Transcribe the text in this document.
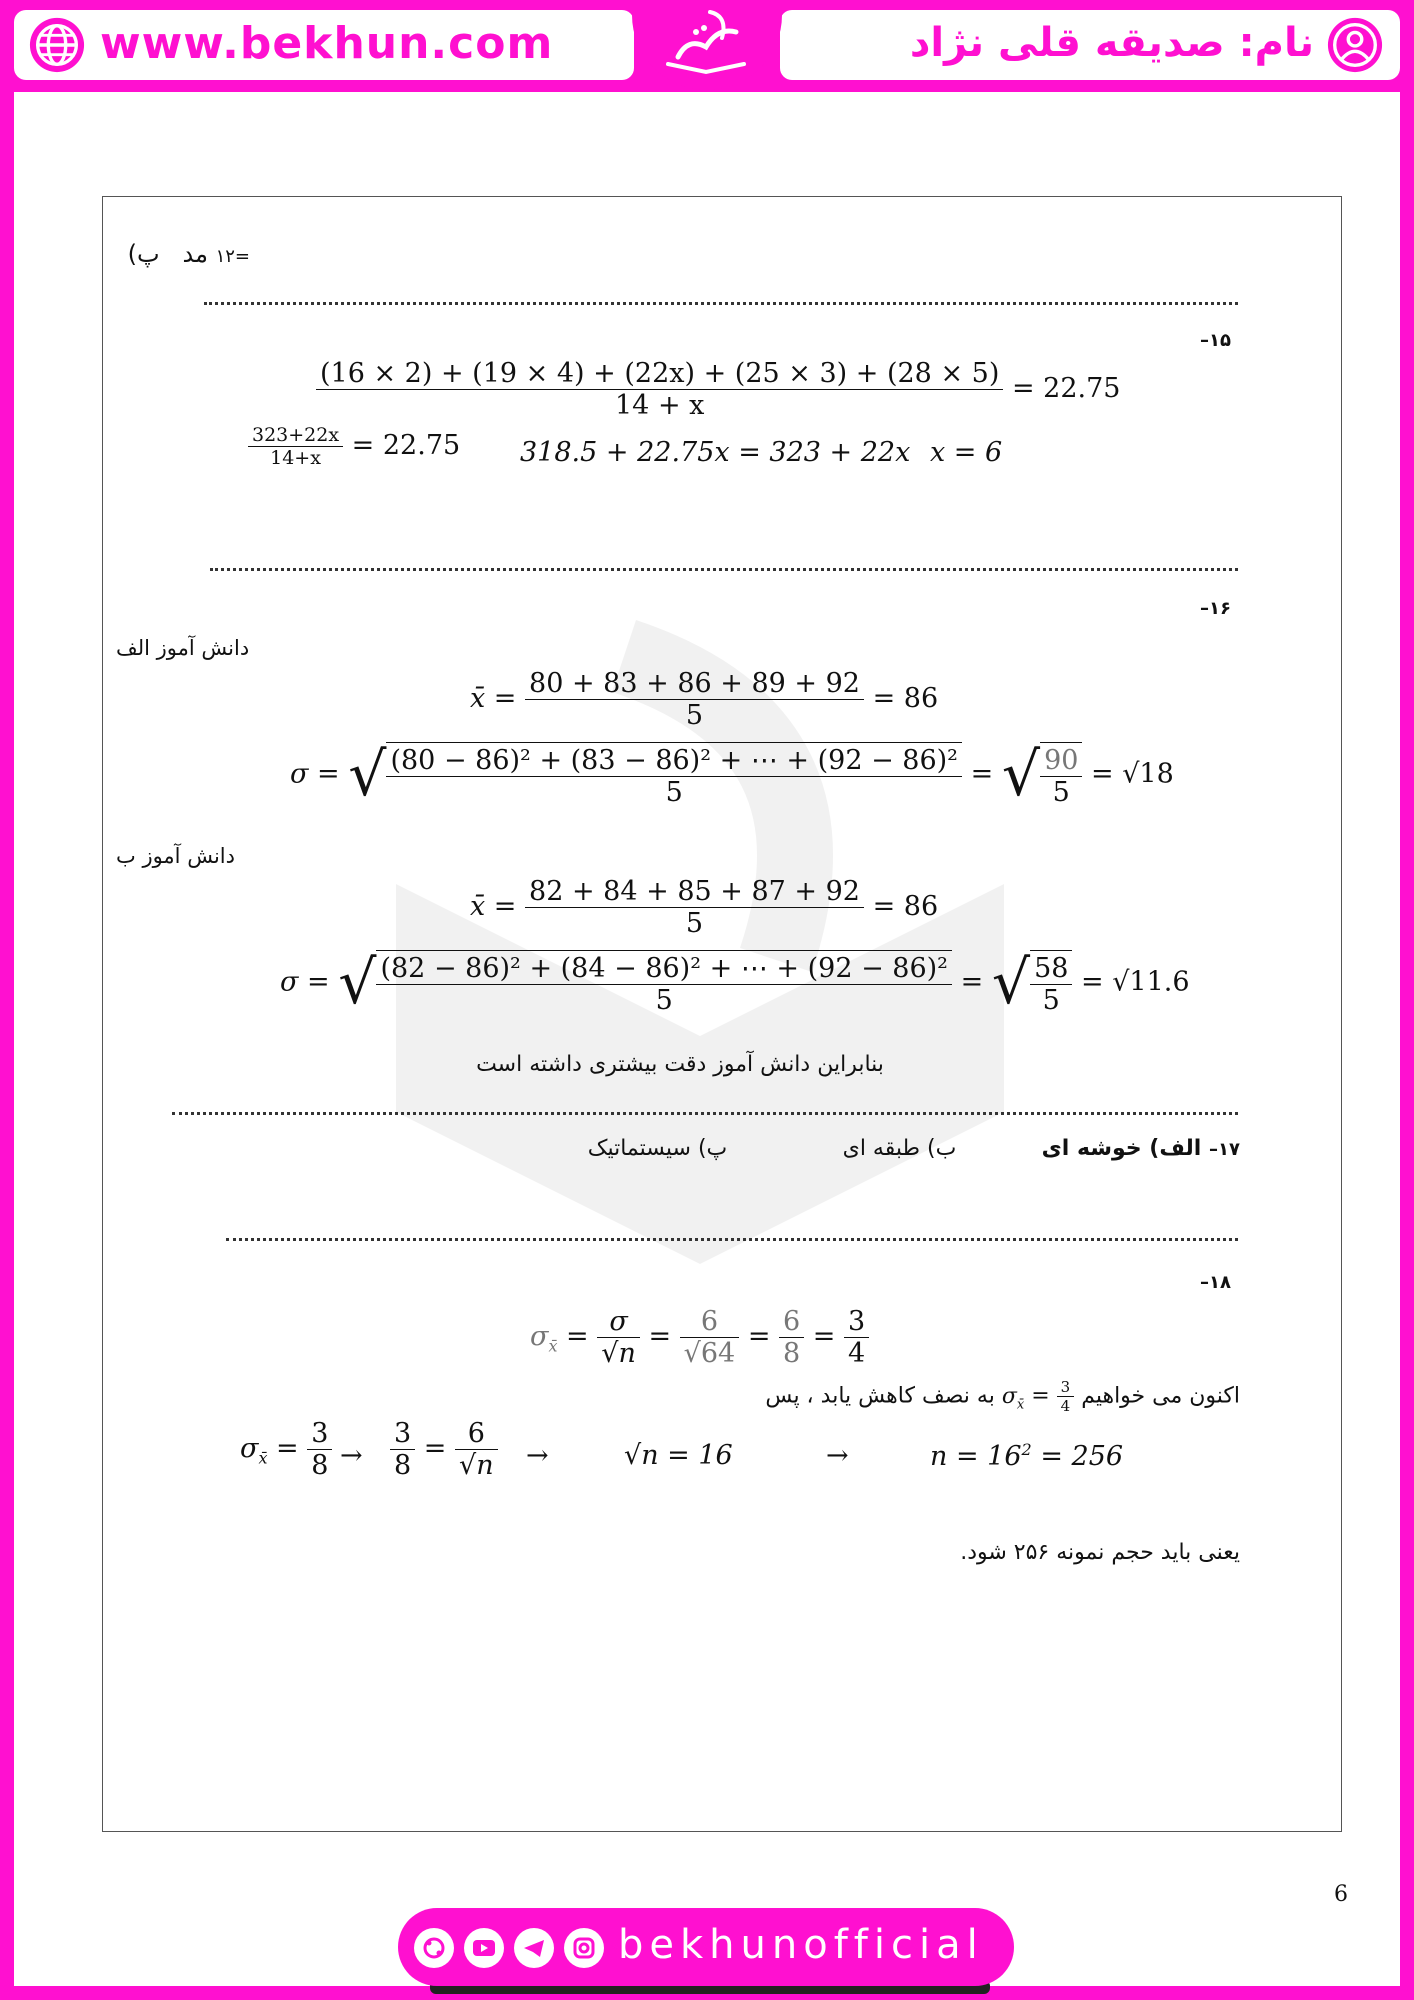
www.bekhun.com	نام: صدیقه قلی نژاد
=۱۲ مد   پ)
۱۵–
$\frac{(16 \times 2) + (19 \times 4) + (22x) + (25 \times 3) + (28 \times 5)}{14 + x} = 22.75$
$\frac{323+22x}{14+x} = 22.75$ 318.5 + 22.75x = 323 + 22x x = 6
۱۶–
دانش آموز الف
x̄ = $\frac{80 + 83 + 86 + 89 + 92}{5} = 86$
σ = √ $\frac{\text{(80 − 86)² + (83 − 86)² + ⋯ + (92 − 86)²}}{5}$ = √ $\frac{90}{5} = √18$
دانش آموز ب
x̄ = $\frac{82 + 84 + 85 + 87 + 92}{5} = 86$
σ = √ $\frac{\text{(82 − 86)² + (84 − 86)² + ⋯ + (92 − 86)²}}{5}$ = √ $\frac{58}{5} = √11.6$
بنابراین دانش آموز دقت بیشتری داشته است
۱۷– الف) خوشه ای  ب) طبقه ای  پ) سیستماتیک
۱۸–
$\sigma_{x̄} = \frac{\sigma}{√n} = \frac{6}{√64} = \frac{6}{8} = \frac{3}{4}$
اکنون می خواهیم $\sigma_{x̄} = \frac{3}{4}$
به نصف کاهش یابد ، پس
$\sigma_{x̄} = \frac{3}{8} \to \frac{3}{8} = \frac{6}{√n}$ →	√n = 16	→	$n = 16^2 = 256$
یعنی باید حجم نمونه ۲۵۶ شود.
6
bekhunofficial
